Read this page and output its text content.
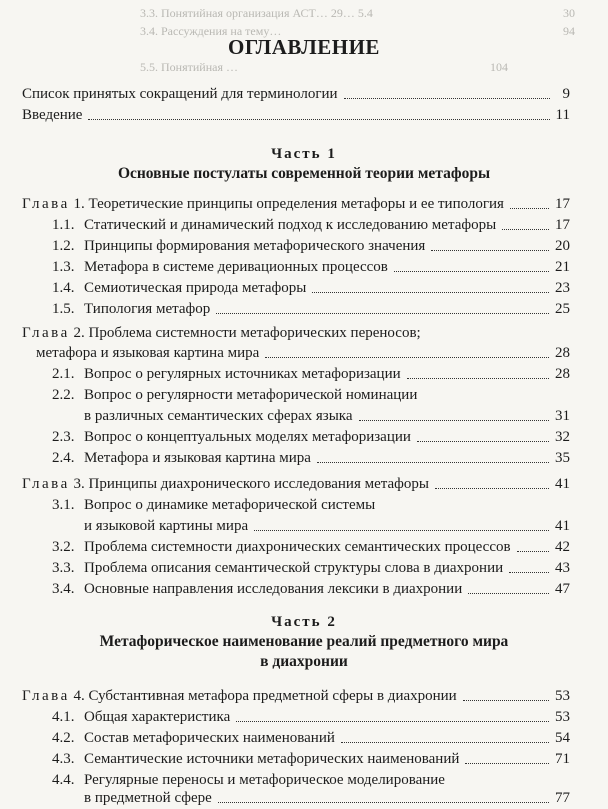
3.3. Понятийная организация АСТ… 29… 5.4	30
3.4. Рассуждения на тему…	94
5.5. Понятийная …	104
ОГЛАВЛЕНИЕ
Список принятых сокращений для терминологии	9
Введение	11
Часть 1
Основные постулаты современной теории метафоры
Глава 1. Теоретические принципы определения метафоры и ее типология	17
1.1. Статический и динамический подход к исследованию метафоры	17
1.2. Принципы формирования метафорического значения	20
1.3. Метафора в системе деривационных процессов	21
1.4. Семиотическая природа метафоры	23
1.5. Типология метафор	25
Глава 2. Проблема системности метафорических переносов;
метафора и языковая картина мира	28
2.1. Вопрос о регулярных источниках метафоризации	28
2.2. Вопрос о регулярности метафорической номинации
в различных семантических сферах языка	31
2.3. Вопрос о концептуальных моделях метафоризации	32
2.4. Метафора и языковая картина мира	35
Глава 3. Принципы диахронического исследования метафоры	41
3.1. Вопрос о динамике метафорической системы
и языковой картины мира	41
3.2. Проблема системности диахронических семантических процессов	42
3.3. Проблема описания семантической структуры слова в диахронии	43
3.4. Основные направления исследования лексики в диахронии	47
Часть 2
Метафорическое наименование реалий предметного мира
в диахронии
Глава 4. Субстантивная метафора предметной сферы в диахронии	53
4.1. Общая характеристика	53
4.2. Состав метафорических наименований	54
4.3. Семантические источники метафорических наименований	71
4.4. Регулярные переносы и метафорическое моделирование
в предметной сфере	77
